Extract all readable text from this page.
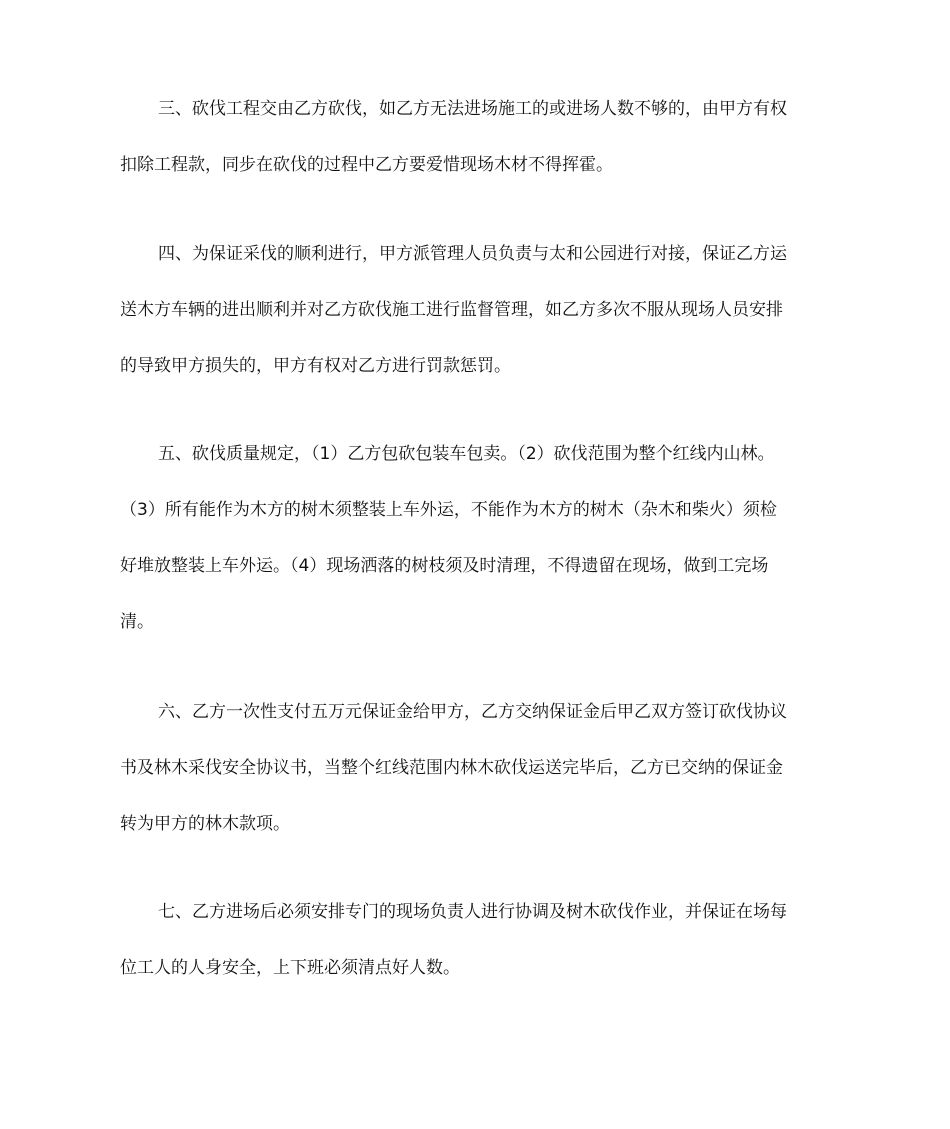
三、砍伐工程交由乙方砍伐，如乙方无法进场施工的或进场人数不够的，由甲方有权
扣除工程款，同步在砍伐的过程中乙方要爱惜现场木材不得挥霍。
四、为保证采伐的顺利进行，甲方派管理人员负责与太和公园进行对接，保证乙方运
送木方车辆的进出顺利并对乙方砍伐施工进行监督管理，如乙方多次不服从现场人员安排
的导致甲方损失的，甲方有权对乙方进行罚款惩罚。
五、砍伐质量规定，（1）乙方包砍包装车包卖。（2）砍伐范围为整个红线内山林。
（3）所有能作为木方的树木须整装上车外运，不能作为木方的树木（杂木和柴火）须检
好堆放整装上车外运。（4）现场洒落的树枝须及时清理，不得遗留在现场，做到工完场
清。
六、乙方一次性支付五万元保证金给甲方，乙方交纳保证金后甲乙双方签订砍伐协议
书及林木采伐安全协议书，当整个红线范围内林木砍伐运送完毕后，乙方已交纳的保证金
转为甲方的林木款项。
七、乙方进场后必须安排专门的现场负责人进行协调及树木砍伐作业，并保证在场每
位工人的人身安全，上下班必须清点好人数。
